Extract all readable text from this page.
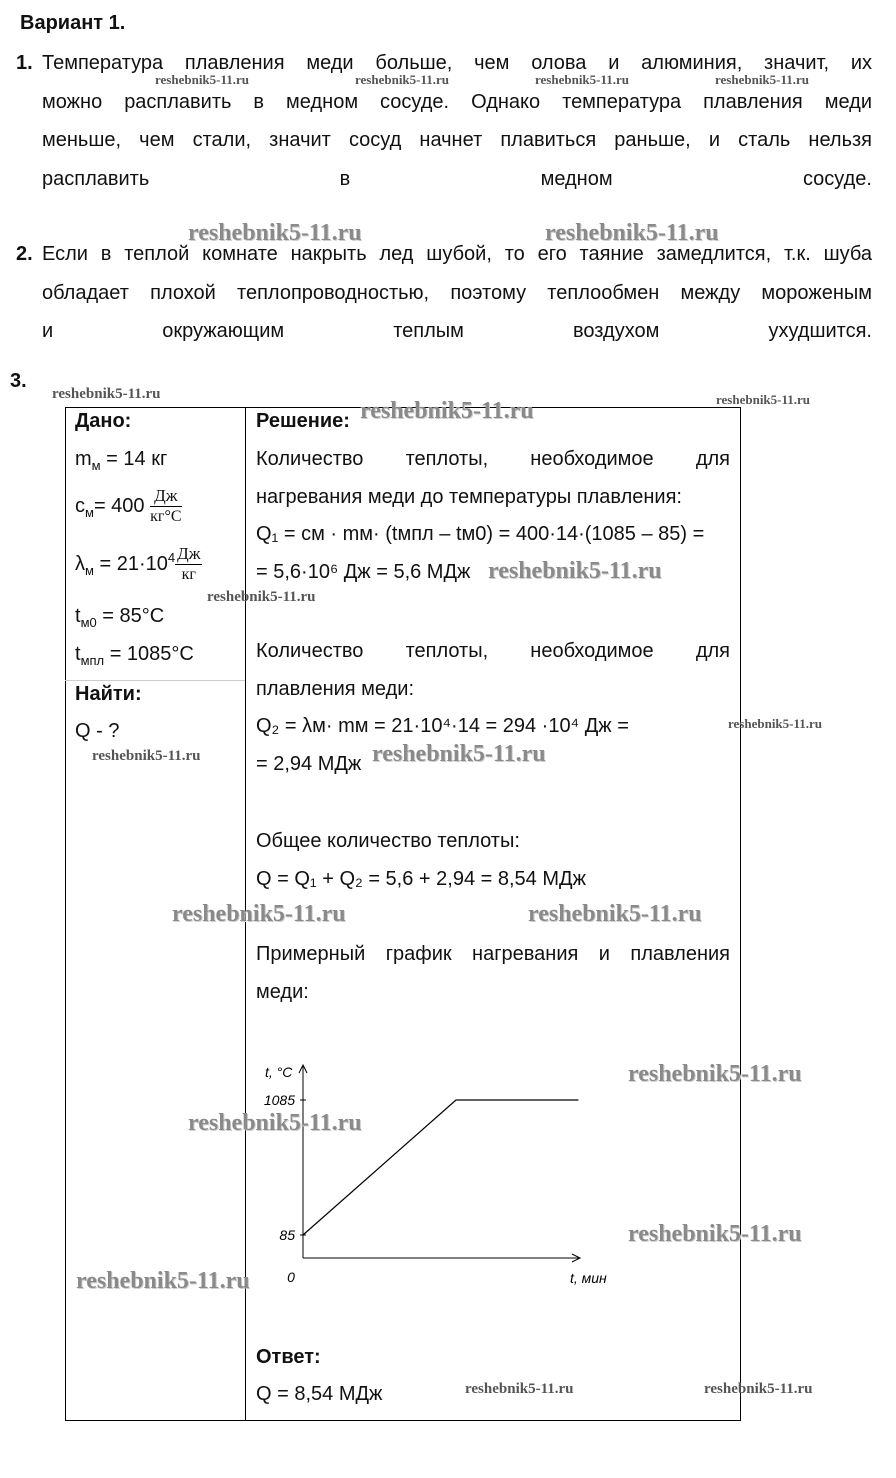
Вариант 1.
1. Температура плавления меди больше, чем олова и алюминия, значит, их
можно расплавить в медном сосуде. Однако температура плавления меди
меньше, чем стали, значит сосуд начнет плавиться раньше, и сталь нельзя
расплавить в медном сосуде.
2. Если в теплой комнате накрыть лед шубой, то его таяние замедлится, т.к. шуба
обладает плохой теплопроводностью, поэтому теплообмен между мороженым
и окружающим теплым воздухом ухудшится.
3.
Дано:
$m_м = 14$ кг
$c_м= 400 \frac{Дж}{кг^\circ C}$
$\lambda_м = 21\cdot 10^4 \frac{Дж}{кг}$
$t_{м0} = 85^\circ C$
$t_{мпл} = 1085^\circ C$
Найти:
Q - ?
Решение:
Количество теплоты, необходимое для
нагревания меди до температуры плавления:
Q₁ = cм · mм· (tмпл – tм0) = 400·14·(1085 – 85) =
= 5,6·10⁶ Дж = 5,6 МДж
Количество теплоты, необходимое для
плавления меди:
Q₂ = λм· mм = 21·10⁴·14 = 294 ·10⁴ Дж =
= 2,94 МДж
Общее количество теплоты:
Q = Q₁ + Q₂ = 5,6 + 2,94 = 8,54 МДж
Примерный график нагревания и плавления
меди:
85
1085
0
t, °C
t, мин
Ответ:
Q = 8,54 МДж
reshebnik5-11.ru	reshebnik5-11.ru	reshebnik5-11.ru	reshebnik5-11.ru
reshebnik5-11.ru	reshebnik5-11.ru
reshebnik5-11.ru
reshebnik5-11.ru	reshebnik5-11.ru
reshebnik5-11.ru
reshebnik5-11.ru
reshebnik5-11.ru
reshebnik5-11.ru
reshebnik5-11.ru
reshebnik5-11.ru	reshebnik5-11.ru
reshebnik5-11.ru
reshebnik5-11.ru
reshebnik5-11.ru
reshebnik5-11.ru
reshebnik5-11.ru	reshebnik5-11.ru
